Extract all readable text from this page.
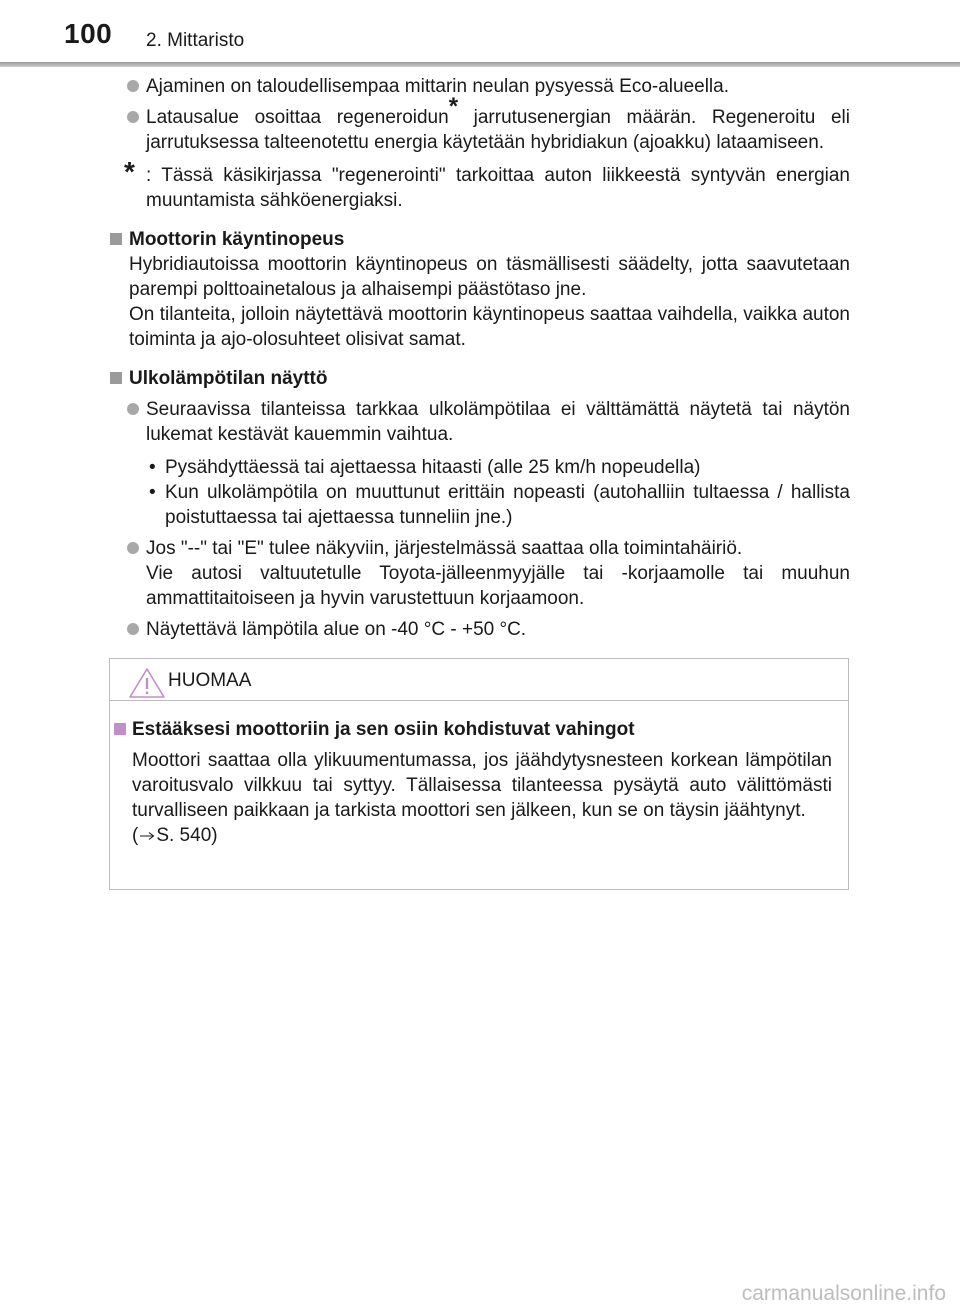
100 2. Mittaristo
Ajaminen on taloudellisempaa mittarin neulan pysyessä Eco-alueella.
Latausalue osoittaa regeneroidun* jarrutusenergian määrän. Regeneroitu eli jarrutuksessa talteenotettu energia käytetään hybridiakun (ajoakku) lataamiseen.
* : Tässä käsikirjassa "regenerointi" tarkoittaa auton liikkeestä syntyvän energian muuntamista sähköenergiaksi.
Moottorin käyntinopeus
Hybridiautoissa moottorin käyntinopeus on täsmällisesti säädelty, jotta saavutetaan parempi polttoainetalous ja alhaisempi päästötaso jne.
On tilanteita, jolloin näytettävä moottorin käyntinopeus saattaa vaihdella, vaikka auton toiminta ja ajo-olosuhteet olisivat samat.
Ulkolämpötilan näyttö
Seuraavissa tilanteissa tarkkaa ulkolämpötilaa ei välttämättä näytetä tai näytön lukemat kestävät kauemmin vaihtua.
• Pysähdyttäessä tai ajettaessa hitaasti (alle 25 km/h nopeudella)
• Kun ulkolämpötila on muuttunut erittäin nopeasti (autohalliin tultaessa / hallista poistuttaessa tai ajettaessa tunneliin jne.)
Jos "--" tai "E" tulee näkyviin, järjestelmässä saattaa olla toimintahäiriö.
Vie autosi valtuutetulle Toyota-jälleenmyyjälle tai -korjaamolle tai muuhun ammattitaitoiseen ja hyvin varustettuun korjaamoon.
Näytettävä lämpötila alue on -40 °C - +50 °C.
HUOMAA
Estääksesi moottoriin ja sen osiin kohdistuvat vahingot
Moottori saattaa olla ylikuumentumassa, jos jäähdytysnesteen korkean lämpötilan varoitusvalo vilkkuu tai syttyy. Tällaisessa tilanteessa pysäytä auto välittömästi turvalliseen paikkaan ja tarkista moottori sen jälkeen, kun se on täysin jäähtynyt.
( S. 540)
carmanualsonline.info
